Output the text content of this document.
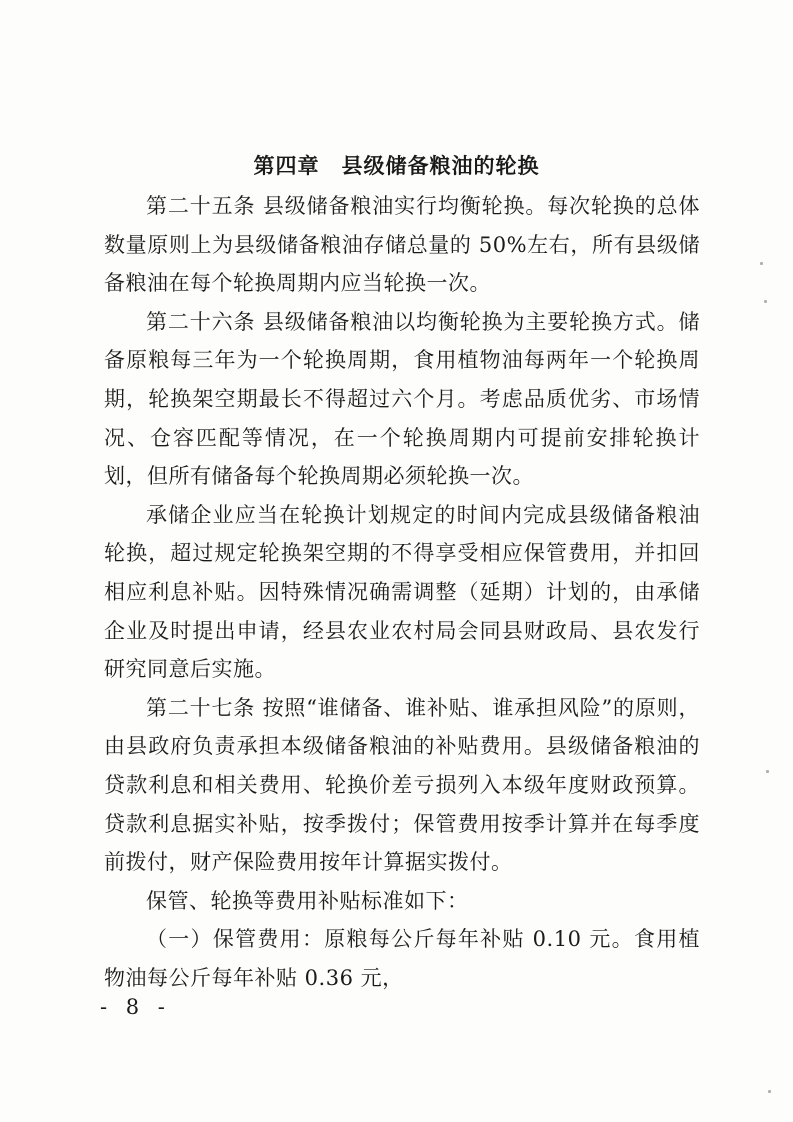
第四章　县级储备粮油的轮换

第二十五条 县级储备粮油实行均衡轮换。每次轮换的总体数量原则上为县级储备粮油存储总量的 50%左右，所有县级储备粮油在每个轮换周期内应当轮换一次。

第二十六条 县级储备粮油以均衡轮换为主要轮换方式。储备原粮每三年为一个轮换周期，食用植物油每两年一个轮换周期，轮换架空期最长不得超过六个月。考虑品质优劣、市场情况、仓容匹配等情况，在一个轮换周期内可提前安排轮换计划，但所有储备每个轮换周期必须轮换一次。

承储企业应当在轮换计划规定的时间内完成县级储备粮油轮换，超过规定轮换架空期的不得享受相应保管费用，并扣回相应利息补贴。因特殊情况确需调整（延期）计划的，由承储企业及时提出申请，经县农业农村局会同县财政局、县农发行研究同意后实施。

第二十七条 按照“谁储备、谁补贴、谁承担风险”的原则，由县政府负责承担本级储备粮油的补贴费用。县级储备粮油的贷款利息和相关费用、轮换价差亏损列入本级年度财政预算。贷款利息据实补贴，按季拨付；保管费用按季计算并在每季度前拨付，财产保险费用按年计算据实拨付。

保管、轮换等费用补贴标准如下：

（一）保管费用：原粮每公斤每年补贴 0.10 元。食用植物油每公斤每年补贴 0.36 元，

- 8 -
